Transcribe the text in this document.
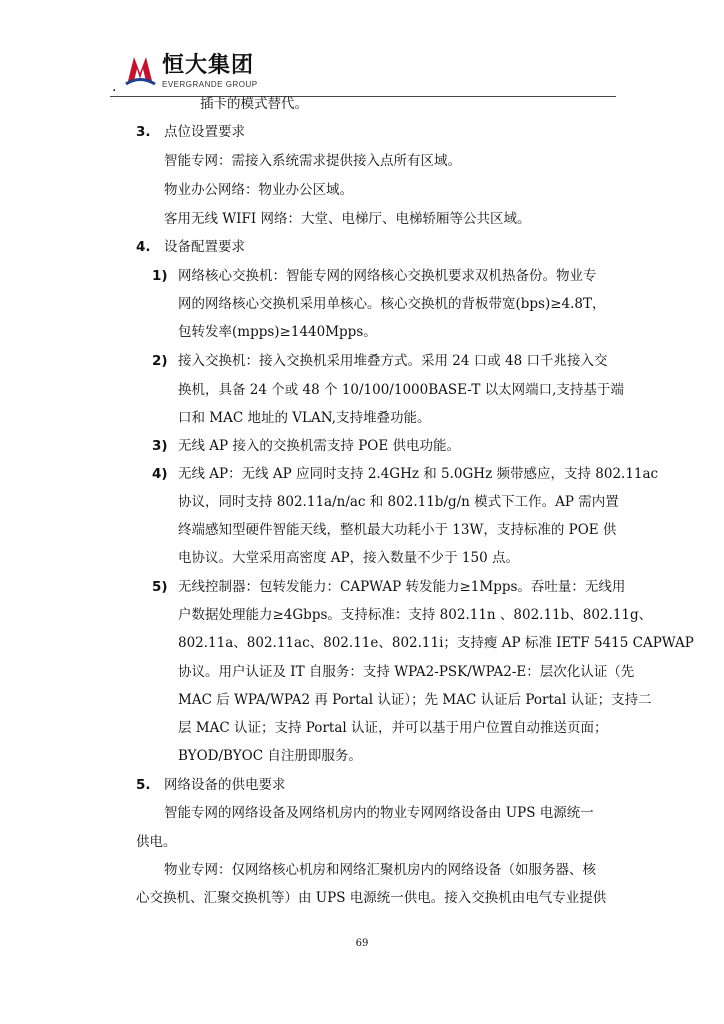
.
恒大集团
EVERGRANDE GROUP
插卡的模式替代。
3. 点位设置要求
智能专网：需接入系统需求提供接入点所有区域。
物业办公网络：物业办公区域。
客用无线 WIFI 网络：大堂、电梯厅、电梯轿厢等公共区域。
4. 设备配置要求
1) 网络核心交换机：智能专网的网络核心交换机要求双机热备份。物业专
网的网络核心交换机采用单核心。核心交换机的背板带宽(bps)≥4.8T，
包转发率(mpps)≥1440Mpps。
2) 接入交换机：接入交换机采用堆叠方式。采用 24 口或 48 口千兆接入交
换机，具备 24 个或 48 个 10/100/1000BASE-T 以太网端口,支持基于端
口和 MAC 地址的 VLAN,支持堆叠功能。
3) 无线 AP 接入的交换机需支持 POE 供电功能。
4) 无线 AP：无线 AP 应同时支持 2.4GHz 和 5.0GHz 频带感应，支持 802.11ac
协议，同时支持 802.11a/n/ac 和 802.11b/g/n 模式下工作。AP 需内置
终端感知型硬件智能天线，整机最大功耗小于 13W，支持标准的 POE 供
电协议。大堂采用高密度 AP，接入数量不少于 150 点。
5) 无线控制器：包转发能力：CAPWAP 转发能力≥1Mpps。吞吐量：无线用
户数据处理能力≥4Gbps。支持标准：支持 802.11n 、802.11b、802.11g、
802.11a、802.11ac、802.11e、802.11i；支持瘦 AP 标准 IETF 5415 CAPWAP
协议。用户认证及 IT 自服务：支持 WPA2-PSK/WPA2-E：层次化认证（先
MAC 后 WPA/WPA2 再 Portal 认证）；先 MAC 认证后 Portal 认证；支持二
层 MAC 认证；支持 Portal 认证，并可以基于用户位置自动推送页面；
BYOD/BYOC 自注册即服务。
5. 网络设备的供电要求
智能专网的网络设备及网络机房内的物业专网网络设备由 UPS 电源统一
供电。
物业专网：仅网络核心机房和网络汇聚机房内的网络设备（如服务器、核
心交换机、汇聚交换机等）由 UPS 电源统一供电。接入交换机由电气专业提供
69
